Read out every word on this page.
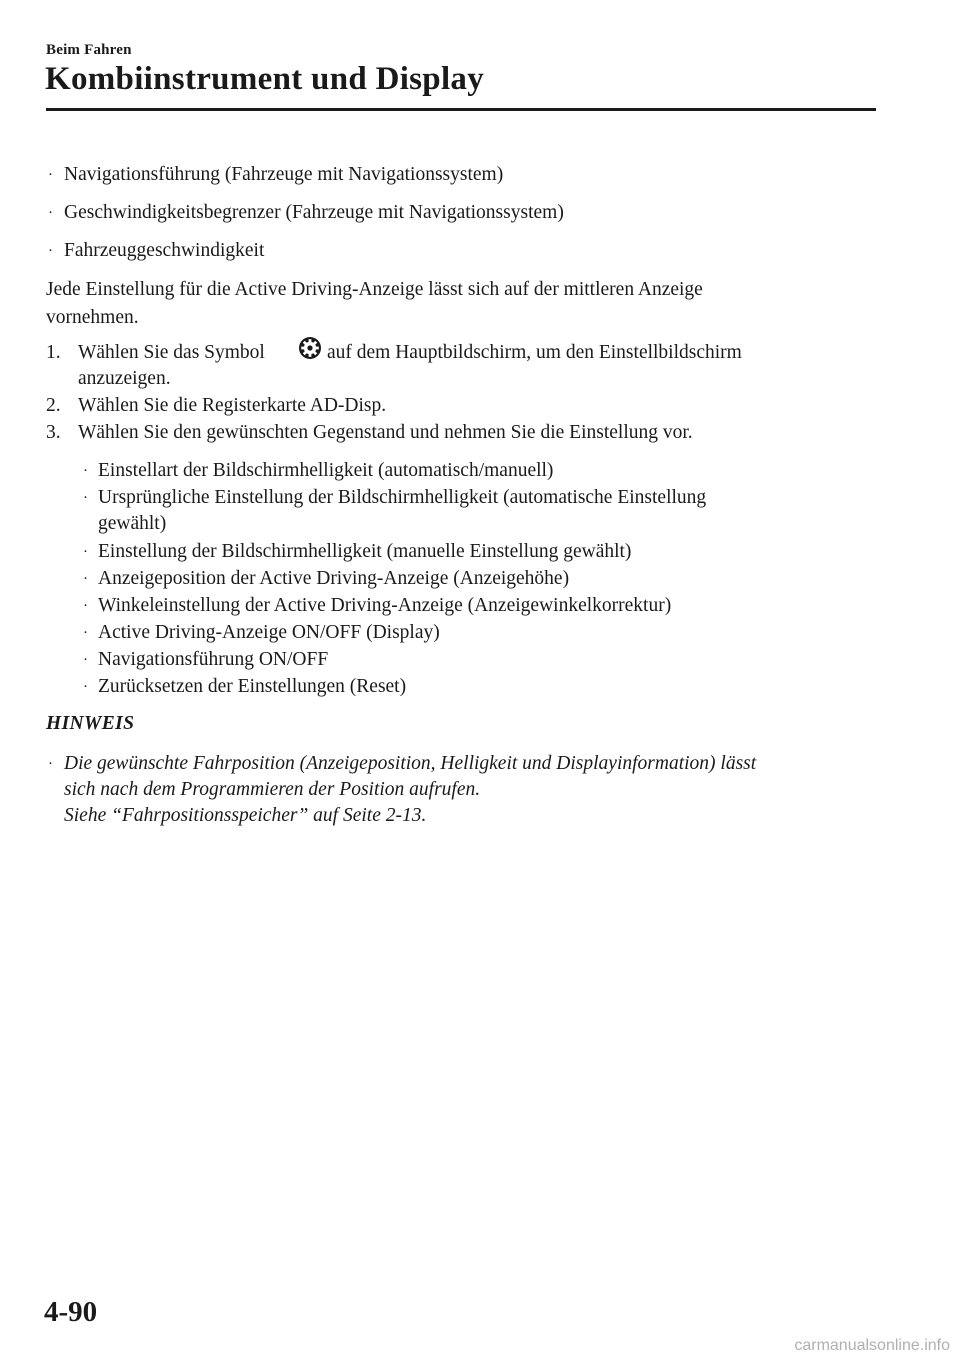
Beim Fahren
Kombiinstrument und Display
· Navigationsführung (Fahrzeuge mit Navigationssystem)
· Geschwindigkeitsbegrenzer (Fahrzeuge mit Navigationssystem)
· Fahrzeuggeschwindigkeit
Jede Einstellung für die Active Driving-Anzeige lässt sich auf der mittleren Anzeige
vornehmen.
1. Wählen Sie das Symbol	auf dem Hauptbildschirm, um den Einstellbildschirm
anzuzeigen.
2. Wählen Sie die Registerkarte AD-Disp.
3. Wählen Sie den gewünschten Gegenstand und nehmen Sie die Einstellung vor.
· Einstellart der Bildschirmhelligkeit (automatisch/manuell)
· Ursprüngliche Einstellung der Bildschirmhelligkeit (automatische Einstellung
gewählt)
· Einstellung der Bildschirmhelligkeit (manuelle Einstellung gewählt)
· Anzeigeposition der Active Driving-Anzeige (Anzeigehöhe)
· Winkeleinstellung der Active Driving-Anzeige (Anzeigewinkelkorrektur)
· Active Driving-Anzeige ON/OFF (Display)
· Navigationsführung ON/OFF
· Zurücksetzen der Einstellungen (Reset)
HINWEIS
· Die gewünschte Fahrposition (Anzeigeposition, Helligkeit und Displayinformation) lässt
sich nach dem Programmieren der Position aufrufen.
Siehe “Fahrpositionsspeicher” auf Seite 2-13.
4-90
carmanualsonline.info
